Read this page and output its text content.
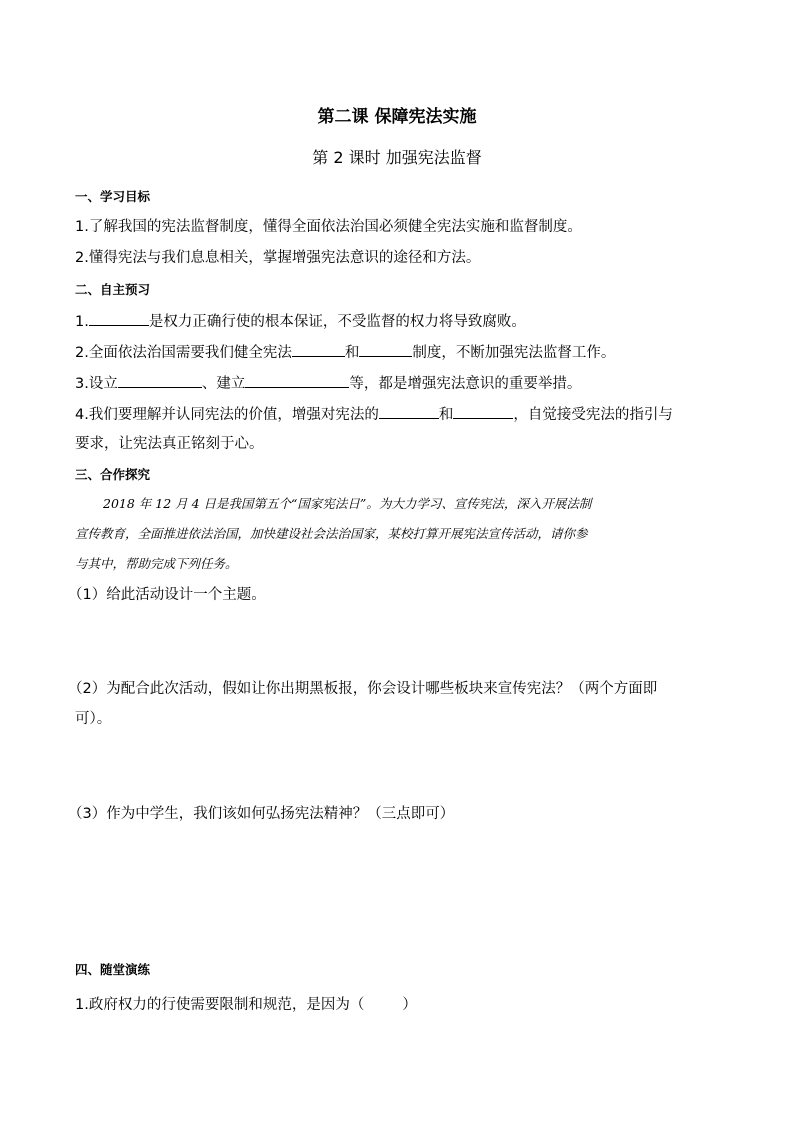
第二课 保障宪法实施
第 2 课时 加强宪法监督
一、学习目标
1.了解我国的宪法监督制度，懂得全面依法治国必须健全宪法实施和监督制度。
2.懂得宪法与我们息息相关，掌握增强宪法意识的途径和方法。
二、自主预习
1.	是权力正确行使的根本保证，不受监督的权力将导致腐败。
2.全面依法治国需要我们健全宪法	和	制度，不断加强宪法监督工作。
3.设立	、建立	等，都是增强宪法意识的重要举措。
4.我们要理解并认同宪法的价值，增强对宪法的	和	，自觉接受宪法的指引与
要求，让宪法真正铭刻于心。
三、合作探究
2018 年 12 月 4 日是我国第五个“国家宪法日”。为大力学习、宣传宪法，深入开展法制
宣传教育，全面推进依法治国，加快建设社会法治国家，某校打算开展宪法宣传活动，请你参
与其中，帮助完成下列任务。
（1）给此活动设计一个主题。
（2）为配合此次活动，假如让你出期黑板报，你会设计哪些板块来宣传宪法？（两个方面即
可）。
（3）作为中学生，我们该如何弘扬宪法精神？（三点即可）
四、随堂演练
1.政府权力的行使需要限制和规范，是因为（	）
